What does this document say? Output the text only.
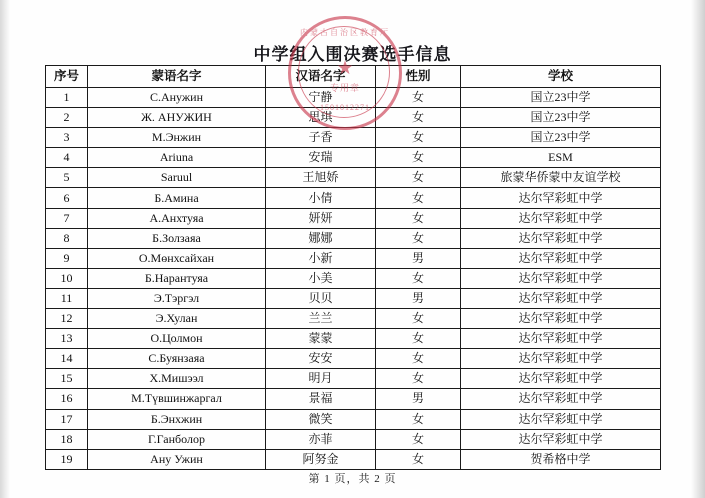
中学组入围决赛选手信息
内蒙古自治区教育厅
★
专用章
1501012271
序号	蒙语名字	汉语名字	性别	学校
1	С.Анужин	宁静	女	国立23中学
2	Ж. АНУЖИН	思琪	女	国立23中学
3	М.Энжин	子香	女	国立23中学
4	Ariuna	安瑞	女	ESM
5	Saruul	王旭娇	女	旅蒙华侨蒙中友谊学校
6	Б.Амина	小倩	女	达尔罕彩虹中学
7	А.Анхтуяа	妍妍	女	达尔罕彩虹中学
8	Б.Золзаяа	娜娜	女	达尔罕彩虹中学
9	О.Мөнхсайхан	小新	男	达尔罕彩虹中学
10	Б.Нарантуяа	小美	女	达尔罕彩虹中学
11	Э.Тэргэл	贝贝	男	达尔罕彩虹中学
12	Э.Хулан	兰兰	女	达尔罕彩虹中学
13	О.Цолмон	蒙蒙	女	达尔罕彩虹中学
14	С.Буянзаяа	安安	女	达尔罕彩虹中学
15	Х.Мишээл	明月	女	达尔罕彩虹中学
16	М.Түвшинжаргал	景福	男	达尔罕彩虹中学
17	Б.Энхжин	微笑	女	达尔罕彩虹中学
18	Г.Ганболор	亦菲	女	达尔罕彩虹中学
19	Ану Ужин	阿努金	女	贺希格中学
第 1 页，共 2 页
